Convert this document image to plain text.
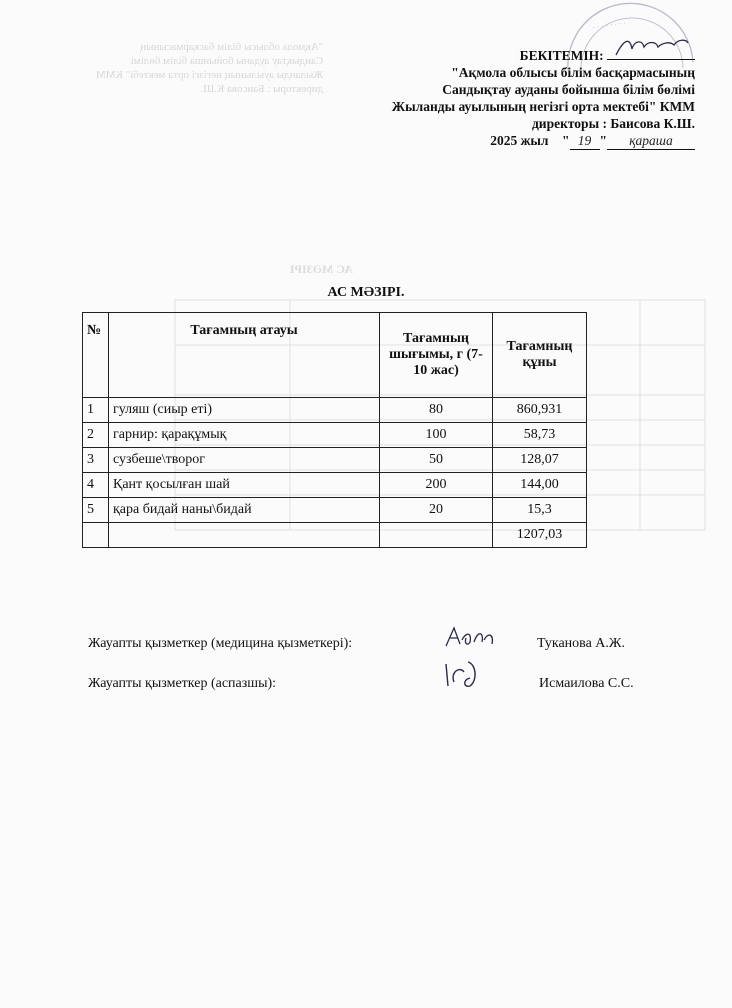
"Ақмола облысы білім басқармасының
Сандықтау ауданы бойынша білім бөлімі
Жыланды ауылының негізгі орта мектебі" КММ
директоры : Баисова К.Ш.
АС МӘЗІРІ
· · · · · · · ·
БЕКІТЕМІН:
"Ақмола облысы білім басқармасының
Сандықтау ауданы бойынша білім бөлімі
Жыланды ауылының негізгі орта мектебі" КММ
директоры : Баисова К.Ш.
2025 жыл " 19 " қараша
АС МӘЗІРІ.
№	Тағамның атауы	Тағамның шығымы, г (7-10 жас)	Тағамның құны
1	гуляш (сиыр еті)	80	860,931
2	гарнир: қарақұмық	100	58,73
3	сузбеше\творог	50	128,07
4	Қант қосылған шай	200	144,00
5	қара бидай наны\бидай	20	15,3
			1207,03
Жауапты қызметкер (медицина қызметкері):	Туканова А.Ж.
Жауапты қызметкер (аспазшы):	Исмаилова С.С.
